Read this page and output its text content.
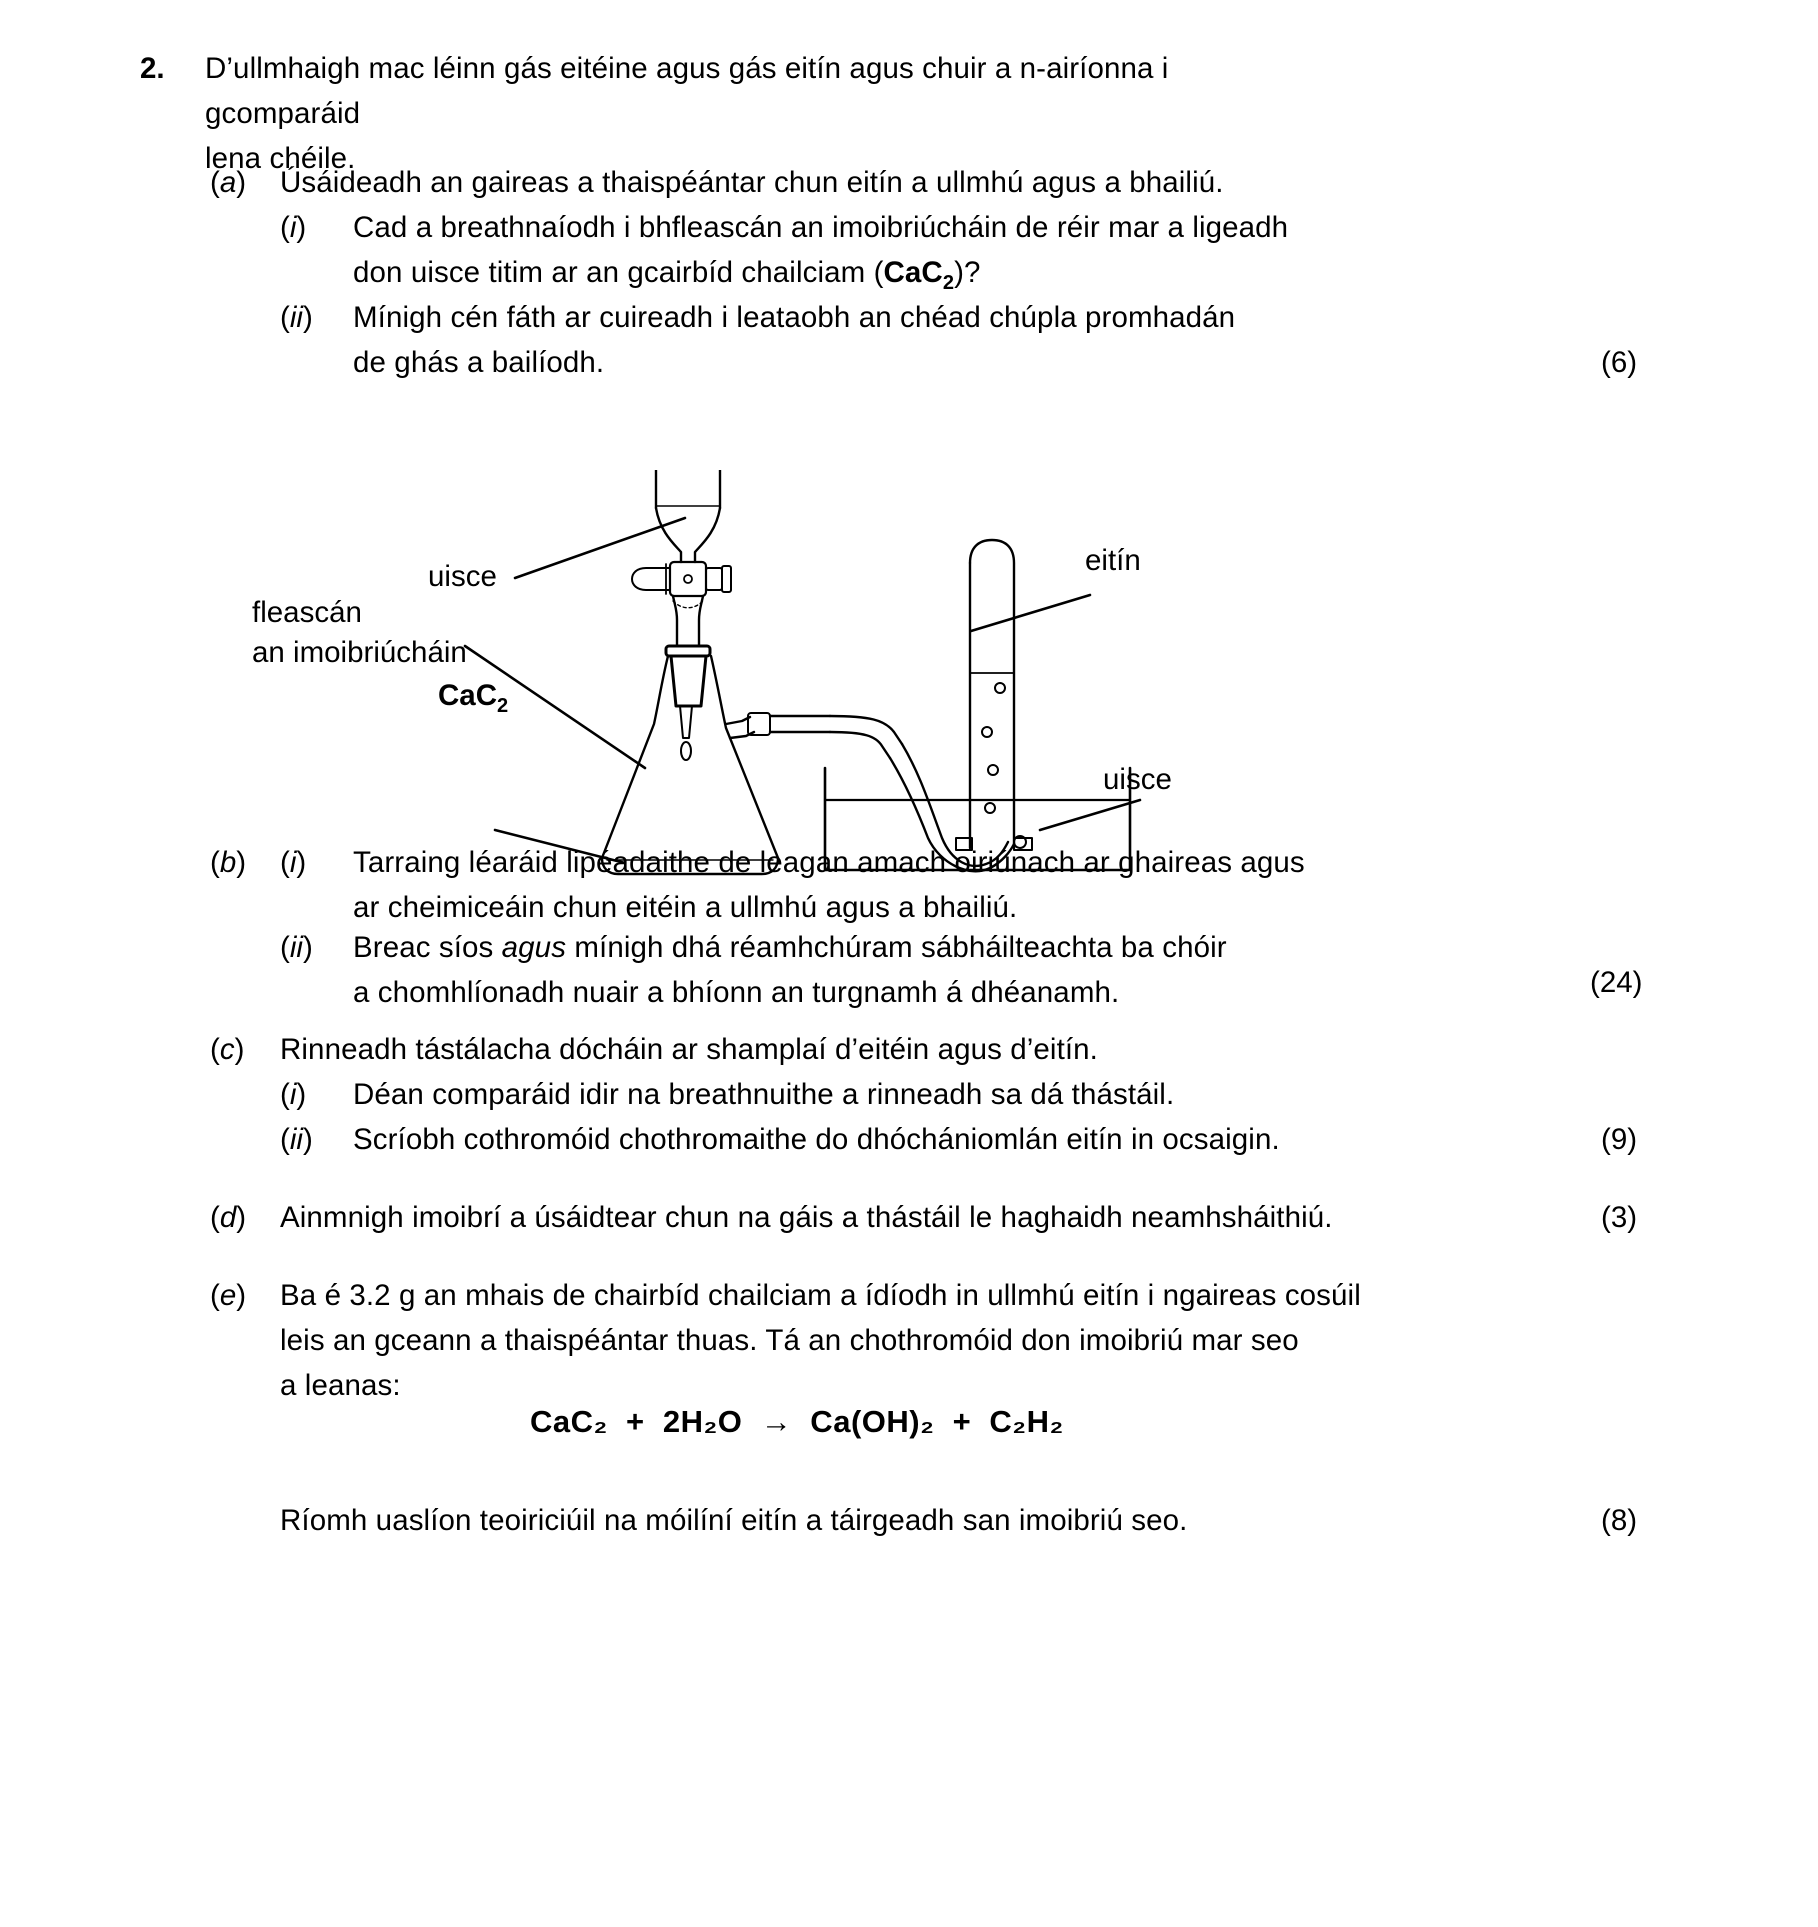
2. D’ullmhaigh mac léinn gás eitéine agus gás eitín agus chuir a n-airíonna i gcomparáid
lena chéile.
(a) Úsáideadh an gaireas a thaispéántar chun eitín a ullmhú agus a bhailiú.
(i) Cad a breathnaíodh i bhfleascán an imoibriúcháin de réir mar a ligeadh
don uisce titim ar an gcairbíd chailciam (CaC$_2$)?
(ii) Mínigh cén fáth ar cuireadh i leataobh an chéad chúpla promhadán
de ghás a bailíodh.	(6)
uisce
fleascán
an imoibriúcháin
CaC$_2$
eitín
uisce
(b) (i) Tarraing léaráid lipéadaithe de leagan amach oiriúnach ar ghaireas agus
ar cheimiceáin chun eitéin a ullmhú agus a bhailiú.
(ii) Breac síos agus mínigh dhá réamhchúram sábháilteachta ba chóir
a chomhlíonadh nuair a bhíonn an turgnamh á dhéanamh.	(24)
(c) Rinneadh tástálacha dócháin ar shamplaí d’eitéin agus d’eitín.
(i) Déan comparáid idir na breathnuithe a rinneadh sa dá thástáil.
(ii) Scríobh cothromóid chothromaithe do dhóchániomlán eitín in ocsaigin.	(9)
(d) Ainmnigh imoibrí a úsáidtear chun na gáis a thástáil le haghaidh neamhsháithiú.	(3)
(e) Ba é 3.2 g an mhais de chairbíd chailciam a ídíodh in ullmhú eitín i ngaireas cosúil
leis an gceann a thaispéántar thuas. Tá an chothromóid don imoibriú mar seo
a leanas:
CaC₂  +  2H₂O  →  Ca(OH)₂  +  C₂H₂
Ríomh uaslíon teoiriciúil na móilíní eitín a táirgeadh san imoibriú seo.	(8)
